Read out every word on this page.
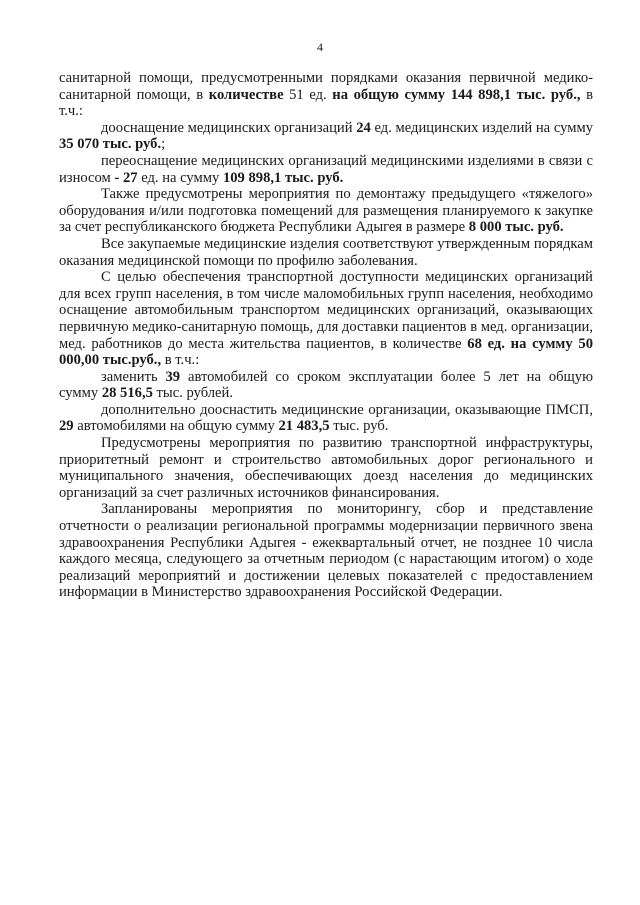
4

санитарной помощи, предусмотренными порядками оказания первичной медико-санитарной помощи, в количестве 51 ед. на общую сумму 144 898,1 тыс. руб., в т.ч.:

дооснащение медицинских организаций 24 ед. медицинских изделий на сумму 35 070 тыс. руб.;

переоснащение медицинских организаций медицинскими изделиями в связи с износом - 27 ед. на сумму 109 898,1 тыс. руб.

Также предусмотрены мероприятия по демонтажу предыдущего «тяжелого» оборудования и/или подготовка помещений для размещения планируемого к закупке за счет республиканского бюджета Республики Адыгея в размере 8 000 тыс. руб.

Все закупаемые медицинские изделия соответствуют утвержденным порядкам оказания медицинской помощи по профилю заболевания.

С целью обеспечения транспортной доступности медицинских организаций для всех групп населения, в том числе маломобильных групп населения, необходимо оснащение автомобильным транспортом медицинских организаций, оказывающих первичную медико-санитарную помощь, для доставки пациентов в мед. организации, мед. работников до места жительства пациентов, в количестве 68 ед. на сумму 50 000,00 тыс.руб., в т.ч.:

заменить 39 автомобилей со сроком эксплуатации более 5 лет на общую сумму 28 516,5 тыс. рублей.

дополнительно дооснастить медицинские организации, оказывающие ПМСП, 29 автомобилями на общую сумму 21 483,5 тыс. руб.

Предусмотрены мероприятия по развитию транспортной инфраструктуры, приоритетный ремонт и строительство автомобильных дорог регионального и муниципального значения, обеспечивающих доезд населения до медицинских организаций за счет различных источников финансирования.

Запланированы мероприятия по мониторингу, сбор и представление отчетности о реализации региональной программы модернизации первичного звена здравоохранения Республики Адыгея - ежеквартальный отчет, не позднее 10 числа каждого месяца, следующего за отчетным периодом (с нарастающим итогом) о ходе реализаций мероприятий и достижении целевых показателей с предоставлением информации в Министерство здравоохранения Российской Федерации.
